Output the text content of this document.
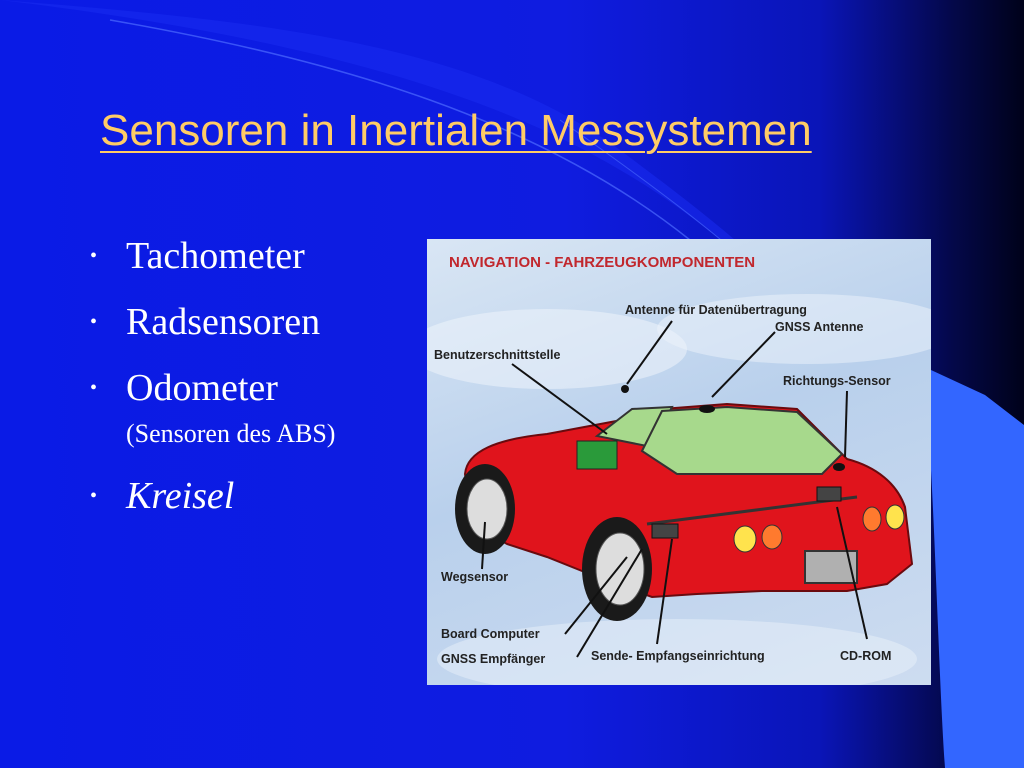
Sensoren in Inertialen Messystemen
• Tachometer
• Radsensoren
• Odometer
(Sensoren des ABS)
• Kreisel
NAVIGATION - FAHRZEUGKOMPONENTEN
Antenne für Datenübertragung
GNSS Antenne
Benutzerschnittstelle
Richtungs-Sensor
Wegsensor
Board Computer
GNSS Empfänger	Sende- Empfangseinrichtung	CD-ROM
